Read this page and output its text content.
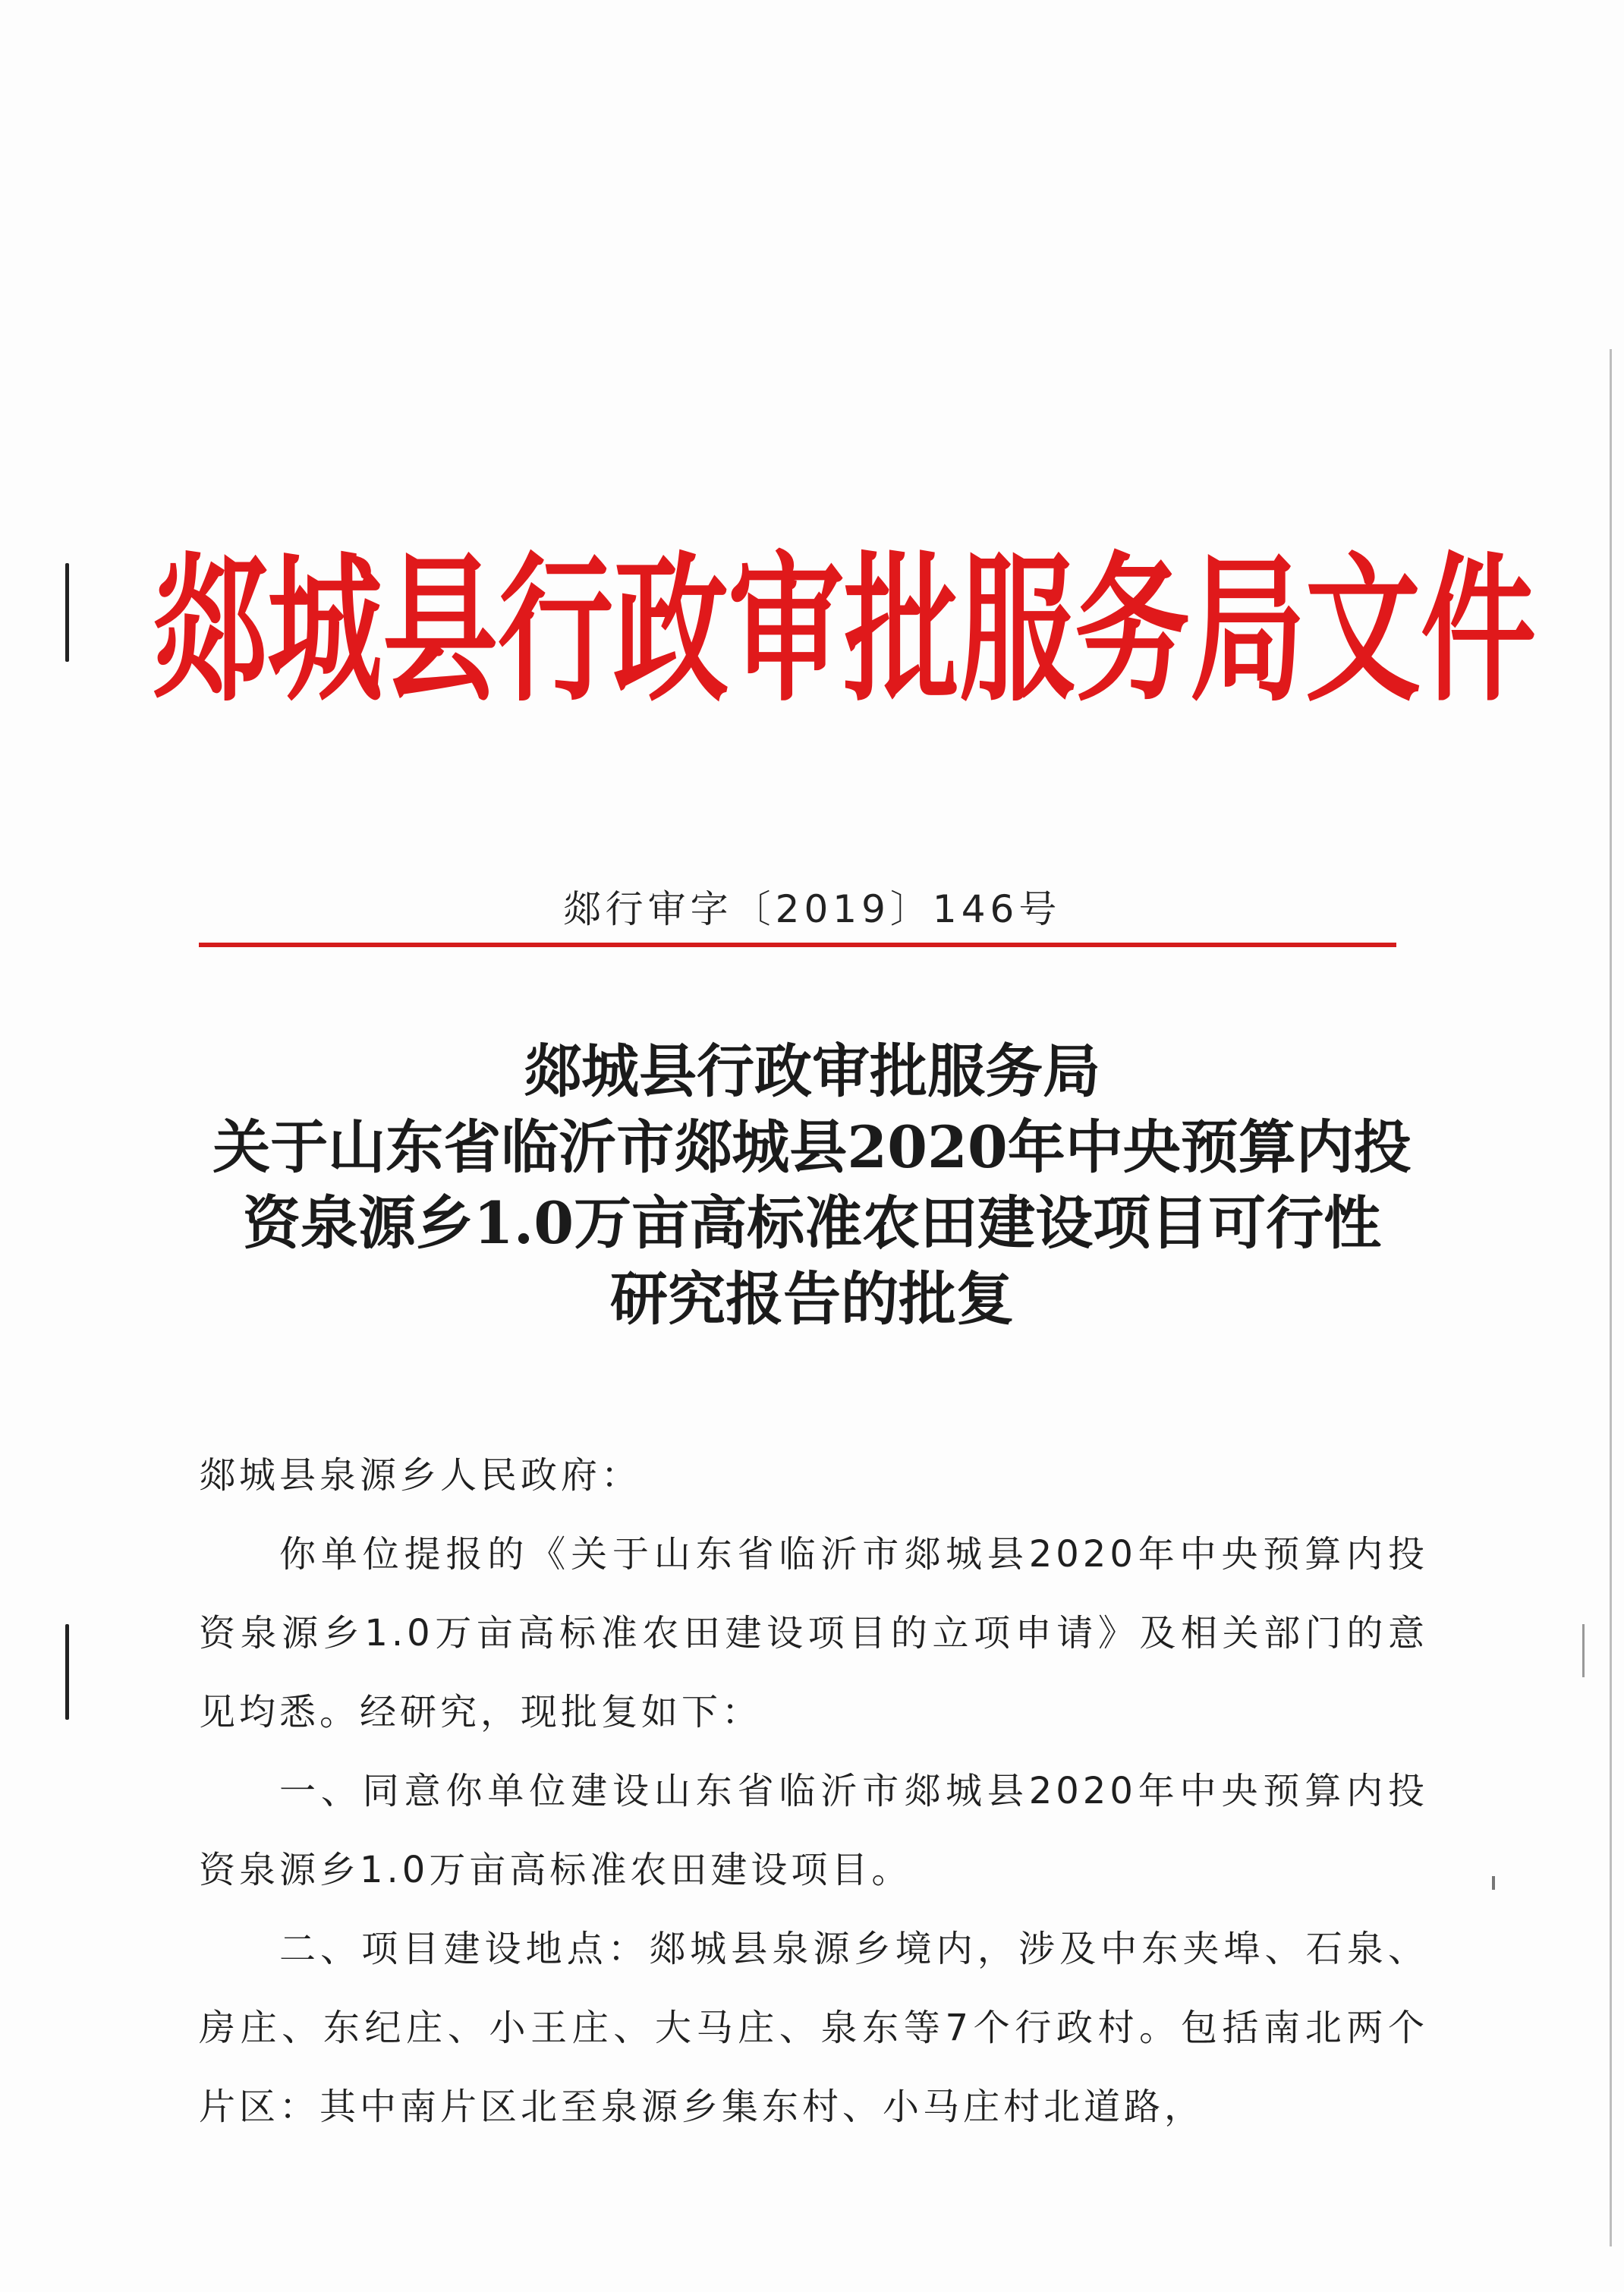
郯城县行政审批服务局文件
郯行审字〔2019〕146号
郯城县行政审批服务局
关于山东省临沂市郯城县2020年中央预算内投
资泉源乡1.0万亩高标准农田建设项目可行性
研究报告的批复

郯城县泉源乡人民政府：

你单位提报的《关于山东省临沂市郯城县2020年中央预算内投资泉源乡1.0万亩高标准农田建设项目的立项申请》及相关部门的意见均悉。经研究，现批复如下：

一、同意你单位建设山东省临沂市郯城县2020年中央预算内投资泉源乡1.0万亩高标准农田建设项目。

二、项目建设地点：郯城县泉源乡境内，涉及中东夹埠、石泉、房庄、东纪庄、小王庄、大马庄、泉东等7个行政村。包括南北两个片区：其中南片区北至泉源乡集东村、小马庄村北道路，
